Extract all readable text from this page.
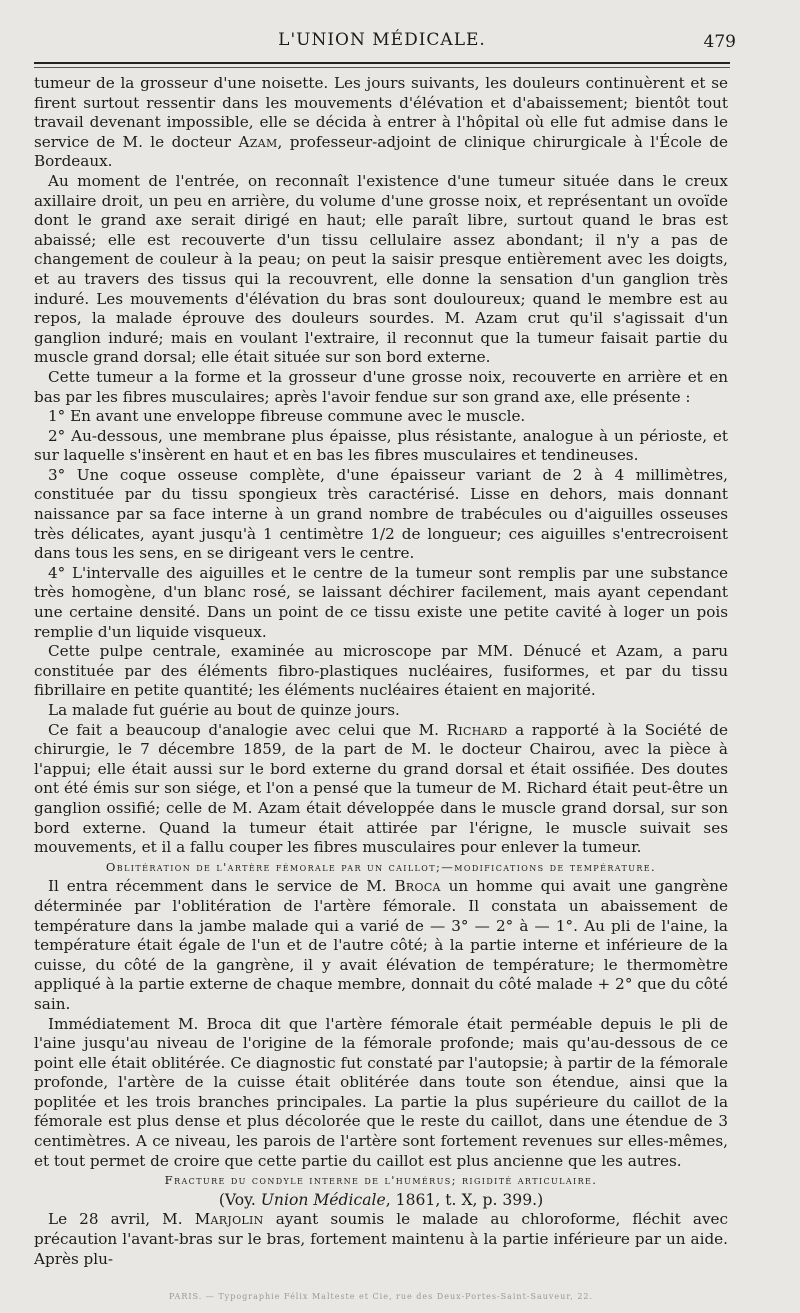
L'UNION MÉDICALE.	479

tumeur de la grosseur d'une noisette. Les jours suivants, les douleurs continuèrent et se firent surtout ressentir dans les mouvements d'élévation et d'abaissement; bientôt tout travail devenant impossible, elle se décida à entrer à l'hôpital où elle fut admise dans le service de M. le docteur Azam, professeur-adjoint de clinique chirurgicale à l'École de Bordeaux.

Au moment de l'entrée, on reconnaît l'existence d'une tumeur située dans le creux axillaire droit, un peu en arrière, du volume d'une grosse noix, et représentant un ovoïde dont le grand axe serait dirigé en haut; elle paraît libre, surtout quand le bras est abaissé; elle est recouverte d'un tissu cellulaire assez abondant; il n'y a pas de changement de couleur à la peau; on peut la saisir presque entièrement avec les doigts, et au travers des tissus qui la recouvrent, elle donne la sensation d'un ganglion très induré. Les mouvements d'élévation du bras sont douloureux; quand le membre est au repos, la malade éprouve des douleurs sourdes. M. Azam crut qu'il s'agissait d'un ganglion induré; mais en voulant l'extraire, il reconnut que la tumeur faisait partie du muscle grand dorsal; elle était située sur son bord externe.

Cette tumeur a la forme et la grosseur d'une grosse noix, recouverte en arrière et en bas par les fibres musculaires; après l'avoir fendue sur son grand axe, elle présente :

1° En avant une enveloppe fibreuse commune avec le muscle.

2° Au-dessous, une membrane plus épaisse, plus résistante, analogue à un périoste, et sur laquelle s'insèrent en haut et en bas les fibres musculaires et tendineuses.

3° Une coque osseuse complète, d'une épaisseur variant de 2 à 4 millimètres, constituée par du tissu spongieux très caractérisé. Lisse en dehors, mais donnant naissance par sa face interne à un grand nombre de trabécules ou d'aiguilles osseuses très délicates, ayant jusqu'à 1 centimètre 1/2 de longueur; ces aiguilles s'entrecroisent dans tous les sens, en se dirigeant vers le centre.

4° L'intervalle des aiguilles et le centre de la tumeur sont remplis par une substance très homogène, d'un blanc rosé, se laissant déchirer facilement, mais ayant cependant une certaine densité. Dans un point de ce tissu existe une petite cavité à loger un pois remplie d'un liquide visqueux.

Cette pulpe centrale, examinée au microscope par MM. Dénucé et Azam, a paru constituée par des éléments fibro-plastiques nucléaires, fusiformes, et par du tissu fibrillaire en petite quantité; les éléments nucléaires étaient en majorité.

La malade fut guérie au bout de quinze jours.

Ce fait a beaucoup d'analogie avec celui que M. Richard a rapporté à la Société de chirurgie, le 7 décembre 1859, de la part de M. le docteur Chairou, avec la pièce à l'appui; elle était aussi sur le bord externe du grand dorsal et était ossifiée. Des doutes ont été émis sur son siége, et l'on a pensé que la tumeur de M. Richard était peut-être un ganglion ossifié; celle de M. Azam était développée dans le muscle grand dorsal, sur son bord externe. Quand la tumeur était attirée par l'érigne, le muscle suivait ses mouvements, et il a fallu couper les fibres musculaires pour enlever la tumeur.

Oblitération de l'artère fémorale par un caillot;—modifications de température.

Il entra récemment dans le service de M. Broca un homme qui avait une gangrène déterminée par l'oblitération de l'artère fémorale. Il constata un abaissement de température dans la jambe malade qui a varié de — 3° — 2° à — 1°. Au pli de l'aine, la température était égale de l'un et de l'autre côté; à la partie interne et inférieure de la cuisse, du côté de la gangrène, il y avait élévation de température; le thermomètre appliqué à la partie externe de chaque membre, donnait du côté malade + 2° que du côté sain.

Immédiatement M. Broca dit que l'artère fémorale était perméable depuis le pli de l'aine jusqu'au niveau de l'origine de la fémorale profonde; mais qu'au-dessous de ce point elle était oblitérée. Ce diagnostic fut constaté par l'autopsie; à partir de la fémorale profonde, l'artère de la cuisse était oblitérée dans toute son étendue, ainsi que la poplitée et les trois branches principales. La partie la plus supérieure du caillot de la fémorale est plus dense et plus décolorée que le reste du caillot, dans une étendue de 3 centimètres. A ce niveau, les parois de l'artère sont fortement revenues sur elles-mêmes, et tout permet de croire que cette partie du caillot est plus ancienne que les autres.

Fracture du condyle interne de l'humérus; rigidité articulaire.

(Voy. Union Médicale, 1861, t. X, p. 399.)

Le 28 avril, M. Marjolin ayant soumis le malade au chloroforme, fléchit avec précaution l'avant-bras sur le bras, fortement maintenu à la partie inférieure par un aide. Après plu-

PARIS. — Typographie Félix Malteste et Cie, rue des Deux-Portes-Saint-Sauveur, 22.
